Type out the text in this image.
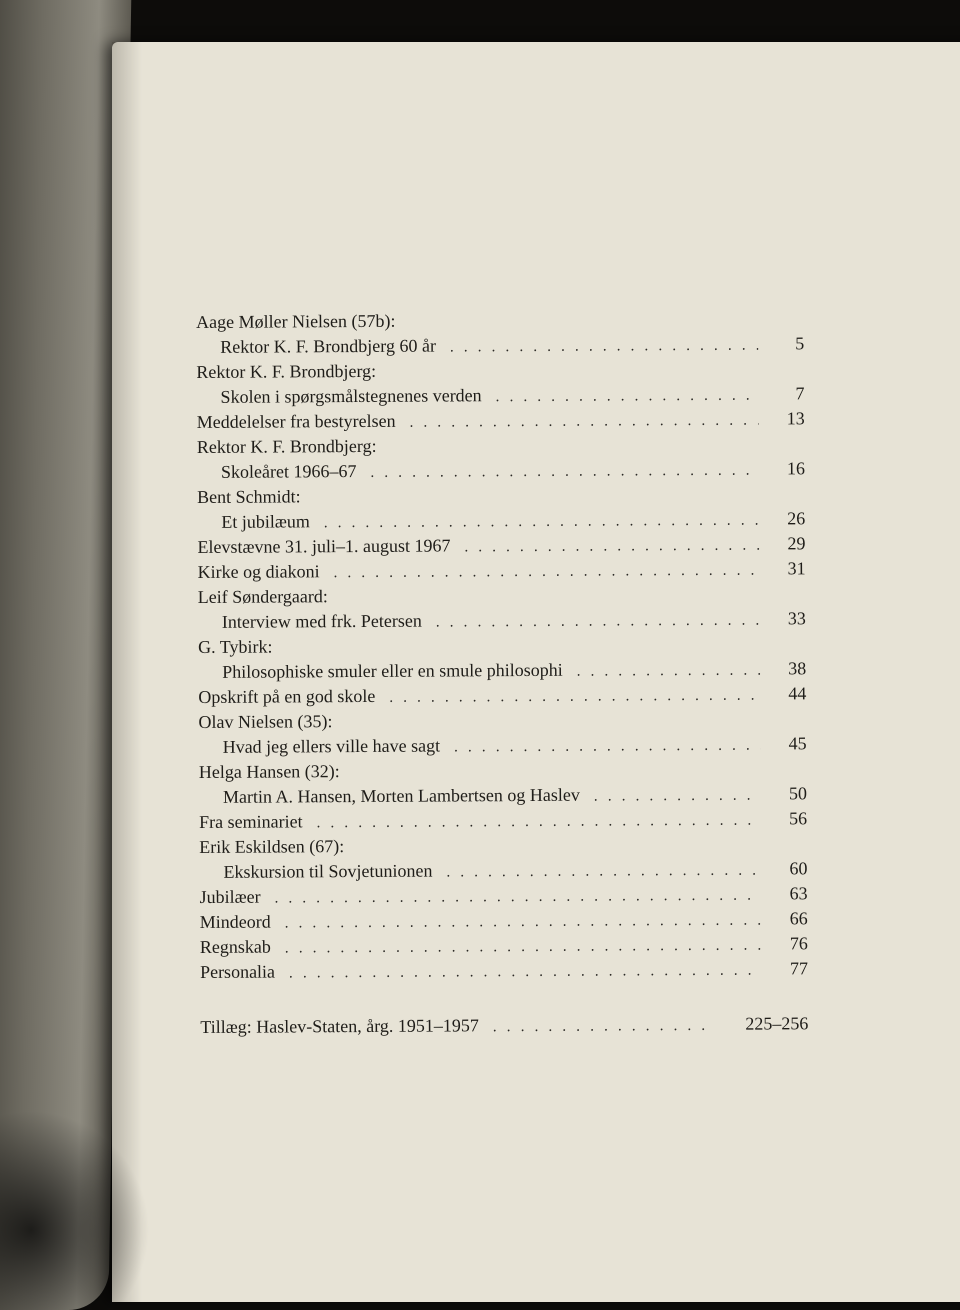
Aage Møller Nielsen (57b):
Rektor K. F. Brondbjerg 60 år . . .	5
Rektor K. F. Brondbjerg:
Skolen i spørgsmålstegnenes verden . . .	7
Meddelelser fra bestyrelsen . . .	13
Rektor K. F. Brondbjerg:
Skoleåret 1966–67 . . .	16
Bent Schmidt:
Et jubilæum . . .	26
Elevstævne 31. juli–1. august 1967 . . .	29
Kirke og diakoni . . .	31
Leif Søndergaard:
Interview med frk. Petersen . . .	33
G. Tybirk:
Philosophiske smuler eller en smule philosophi . . .	38
Opskrift på en god skole . . .	44
Olav Nielsen (35):
Hvad jeg ellers ville have sagt . . .	45
Helga Hansen (32):
Martin A. Hansen, Morten Lambertsen og Haslev . . .	50
Fra seminariet . . .	56
Erik Eskildsen (67):
Ekskursion til Sovjetunionen . . .	60
Jubilæer . . .	63
Mindeord . . .	66
Regnskab . . .	76
Personalia . . .	77
Tillæg: Haslev-Staten, årg. 1951–1957 . . .	225–256
